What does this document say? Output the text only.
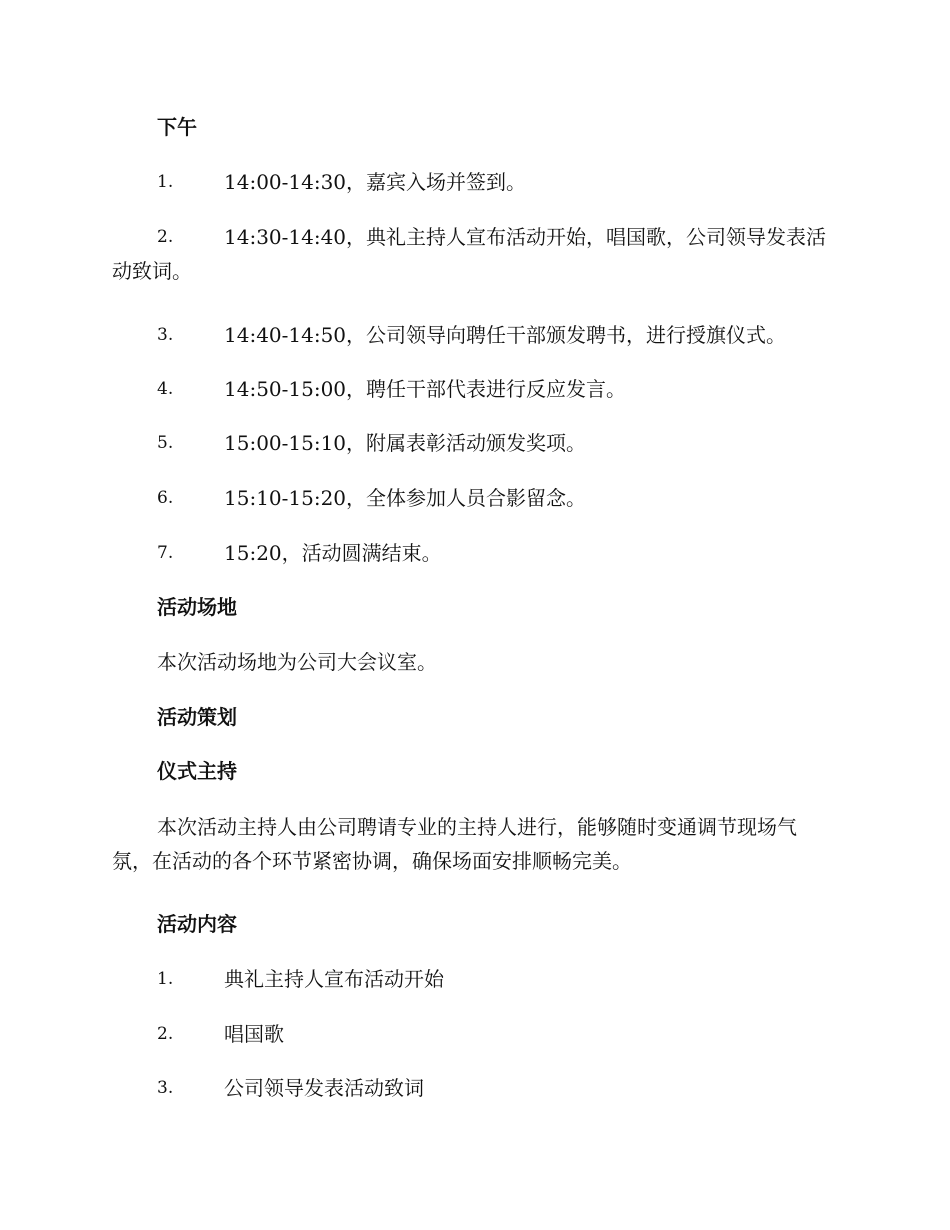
下午
1.	14:00-14:30，嘉宾入场并签到。
2.	14:30-14:40，典礼主持人宣布活动开始，唱国歌，公司领导发表活动致词。
3.	14:40-14:50，公司领导向聘任干部颁发聘书，进行授旗仪式。
4.	14:50-15:00，聘任干部代表进行反应发言。
5.	15:00-15:10，附属表彰活动颁发奖项。
6.	15:10-15:20，全体参加人员合影留念。
7.	15:20，活动圆满结束。
活动场地

本次活动场地为公司大会议室。

活动策划
仪式主持

本次活动主持人由公司聘请专业的主持人进行，能够随时变通调节现场气氛，在活动的各个环节紧密协调，确保场面安排顺畅完美。

活动内容
1.	典礼主持人宣布活动开始
2.	唱国歌
3.	公司领导发表活动致词
